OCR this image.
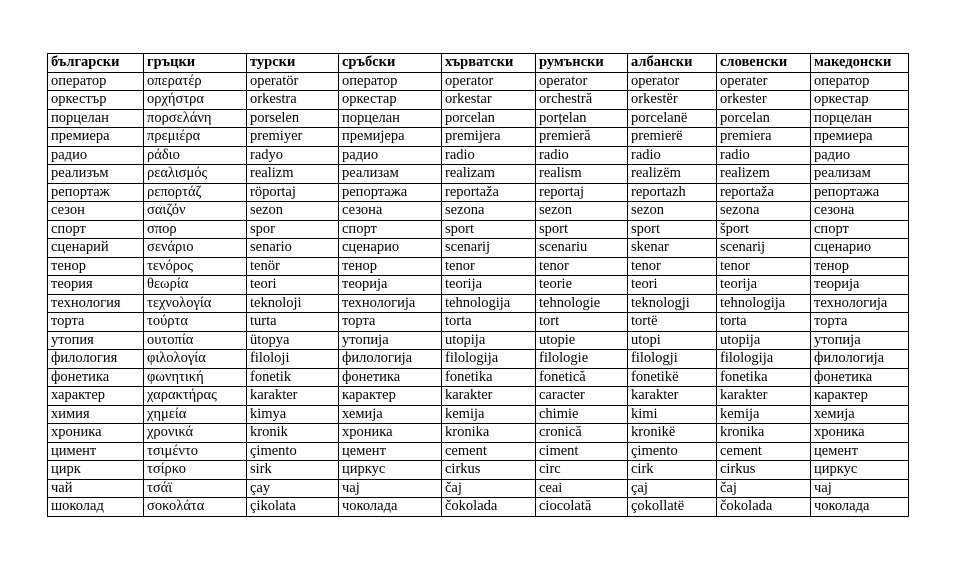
български	гръцки	турски	сръбски	хърватски	румънски	албански	словенски	македонски
оператор	οπερατέρ	operatör	оператор	operator	operator	operator	operater	оператор
оркестър	ορχήστρα	orkestra	оркестар	orkestar	orchestră	orkestër	orkester	оркестар
порцелан	πορσελάνη	porselen	порцелан	porcelan	porțelan	porcelanë	porcelan	порцелан
премиера	πρεμιέρα	premiyer	премијера	premijera	premieră	premierë	premiera	премиера
радио	ράδιο	radyo	радио	radio	radio	radio	radio	радио
реализъм	ρεαλισμός	realizm	реализам	realizam	realism	realizëm	realizem	реализам
репортаж	ρεπορτάζ	röportaj	репортажа	reportaža	reportaj	reportazh	reportaža	репортажа
сезон	σαιζόν	sezon	сезона	sezona	sezon	sezon	sezona	сезона
спорт	σπορ	spor	спорт	sport	sport	sport	šport	спорт
сценарий	σενάριο	senario	сценарио	scenarij	scenariu	skenar	scenarij	сценарио
тенор	τενόρος	tenör	тенор	tenor	tenor	tenor	tenor	тенор
теория	θεωρία	teori	теорија	teorija	teorie	teori	teorija	теорија
технология	τεχνολογία	teknoloji	технологија	tehnologija	tehnologie	teknologji	tehnologija	технологија
торта	τούρτα	turta	торта	torta	tort	tortë	torta	торта
утопия	ουτοπία	ütopya	утопија	utopija	utopie	utopi	utopija	утопија
филология	φιλολογία	filoloji	филологија	filologija	filologie	filologji	filologija	филологија
фонетика	φωνητική	fonetik	фонетика	fonetika	fonetică	fonetikë	fonetika	фонетика
характер	χαρακτήρας	karakter	карактер	karakter	caracter	karakter	karakter	карактер
химия	χημεία	kimya	хемија	kemija	chimie	kimi	kemija	хемија
хроника	χρονικά	kronik	хроника	kronika	cronică	kronikë	kronika	хроника
цимент	τσιμέντο	çimento	цемент	cement	ciment	çimento	cement	цемент
цирк	τσίρκο	sirk	циркус	cirkus	circ	cirk	cirkus	циркус
чай	τσάϊ	çay	чај	čaj	ceai	çaj	čaj	чај
шоколад	σοκολάτα	çikolata	чоколада	čokolada	ciocolată	çokollatë	čokolada	чоколада
